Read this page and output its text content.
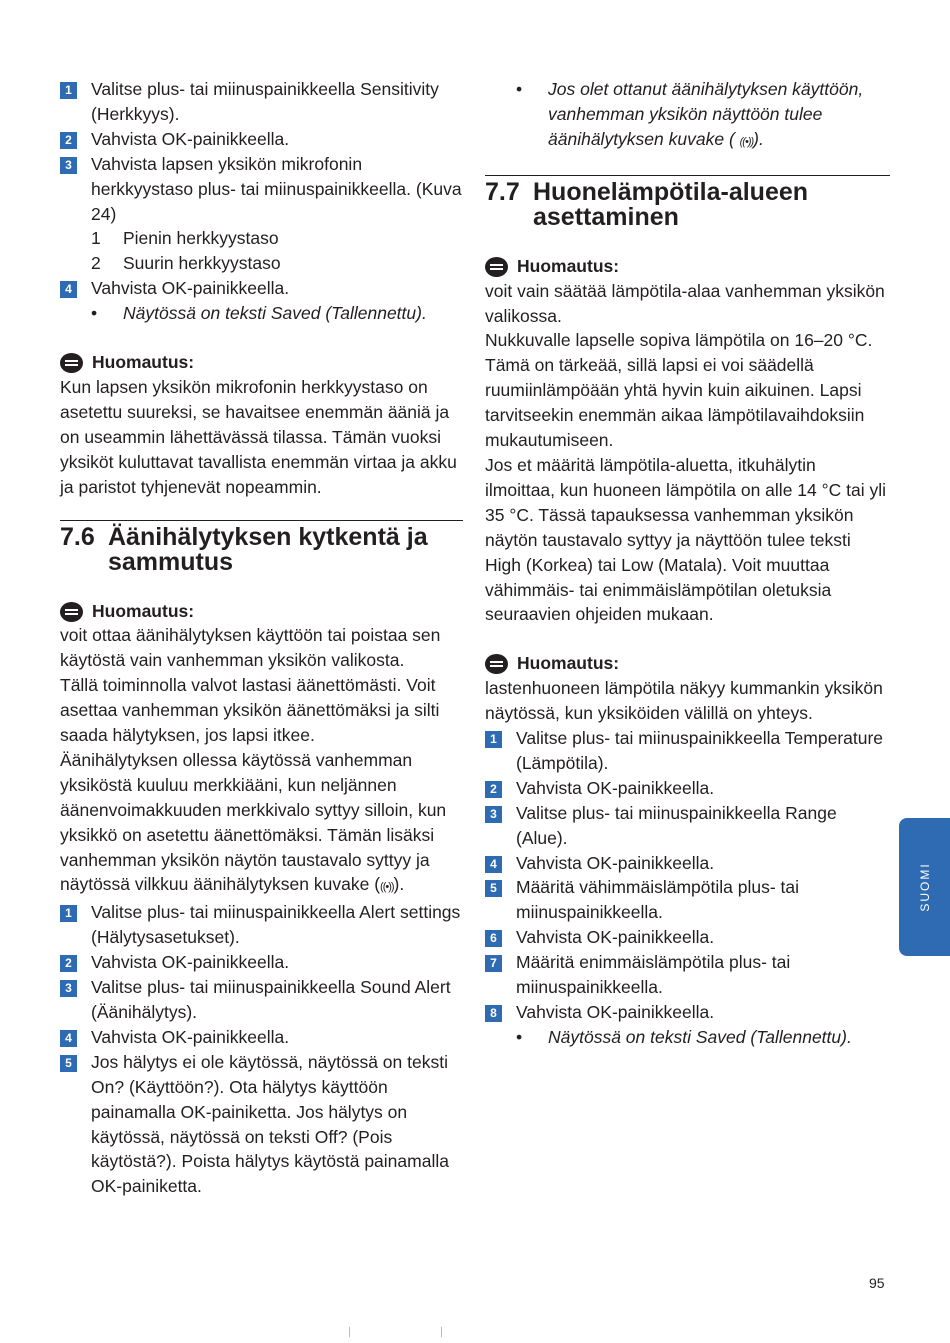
1 Valitse plus- tai miinuspainikkeella Sensitivity (Herkkyys).
2 Vahvista OK-painikkeella.
3 Vahvista lapsen yksikön mikrofonin herkkyystaso plus- tai miinuspainikkeella. (Kuva 24)
1 Pienin herkkyystaso
2 Suurin herkkyystaso
4 Vahvista OK-painikkeella.
• Näytössä on teksti Saved (Tallennettu).
Huomautus:

Kun lapsen yksikön mikrofonin herkkyystaso on asetettu suureksi, se havaitsee enemmän ääniä ja on useammin lähettävässä tilassa. Tämän vuoksi yksiköt kuluttavat tavallista enemmän virtaa ja akku ja paristot tyhjenevät nopeammin.

7.6 Äänihälytyksen kytkentä ja sammutus
Huomautus:

voit ottaa äänihälytyksen käyttöön tai poistaa sen käytöstä vain vanhemman yksikön valikosta.

Tällä toiminnolla valvot lastasi äänettömästi. Voit asettaa vanhemman yksikön äänettömäksi ja silti saada hälytyksen, jos lapsi itkee.

Äänihälytyksen ollessa käytössä vanhemman yksiköstä kuuluu merkkiääni, kun neljännen äänenvoimakkuuden merkkivalo syttyy silloin, kun yksikkö on asetettu äänettömäksi. Tämän lisäksi vanhemman yksikön näytön taustavalo syttyy ja näytössä vilkkuu äänihälytyksen kuvake (((•))).

1 Valitse plus- tai miinuspainikkeella Alert settings (Hälytysasetukset).
2 Vahvista OK-painikkeella.
3 Valitse plus- tai miinuspainikkeella Sound Alert (Äänihälytys).
4 Vahvista OK-painikkeella.
5 Jos hälytys ei ole käytössä, näytössä on teksti On? (Käyttöön?). Ota hälytys käyttöön painamalla OK-painiketta. Jos hälytys on käytössä, näytössä on teksti Off? (Pois käytöstä?). Poista hälytys käytöstä painamalla OK-painiketta.
• Jos olet ottanut äänihälytyksen käyttöön, vanhemman yksikön näyttöön tulee äänihälytyksen kuvake ( ((•))).
7.7 Huonelämpötila-alueen asettaminen
Huomautus:

voit vain säätää lämpötila-alaa vanhemman yksikön valikossa.

Nukkuvalle lapselle sopiva lämpötila on 16–20 °C. Tämä on tärkeää, sillä lapsi ei voi säädellä ruumiinlämpöään yhtä hyvin kuin aikuinen. Lapsi tarvitseekin enemmän aikaa lämpötilavaihdoksiin mukautumiseen.

Jos et määritä lämpötila-aluetta, itkuhälytin ilmoittaa, kun huoneen lämpötila on alle 14 °C tai yli 35 °C. Tässä tapauksessa vanhemman yksikön näytön taustavalo syttyy ja näyttöön tulee teksti High (Korkea) tai Low (Matala). Voit muuttaa vähimmäis- tai enimmäislämpötilan oletuksia seuraavien ohjeiden mukaan.

Huomautus:

lastenhuoneen lämpötila näkyy kummankin yksikön näytössä, kun yksiköiden välillä on yhteys.

1 Valitse plus- tai miinuspainikkeella Temperature (Lämpötila).
2 Vahvista OK-painikkeella.
3 Valitse plus- tai miinuspainikkeella Range (Alue).
4 Vahvista OK-painikkeella.
5 Määritä vähimmäislämpötila plus- tai miinuspainikkeella.
6 Vahvista OK-painikkeella.
7 Määritä enimmäislämpötila plus- tai miinuspainikkeella.
8 Vahvista OK-painikkeella.
• Näytössä on teksti Saved (Tallennettu).
SUOMI
95
